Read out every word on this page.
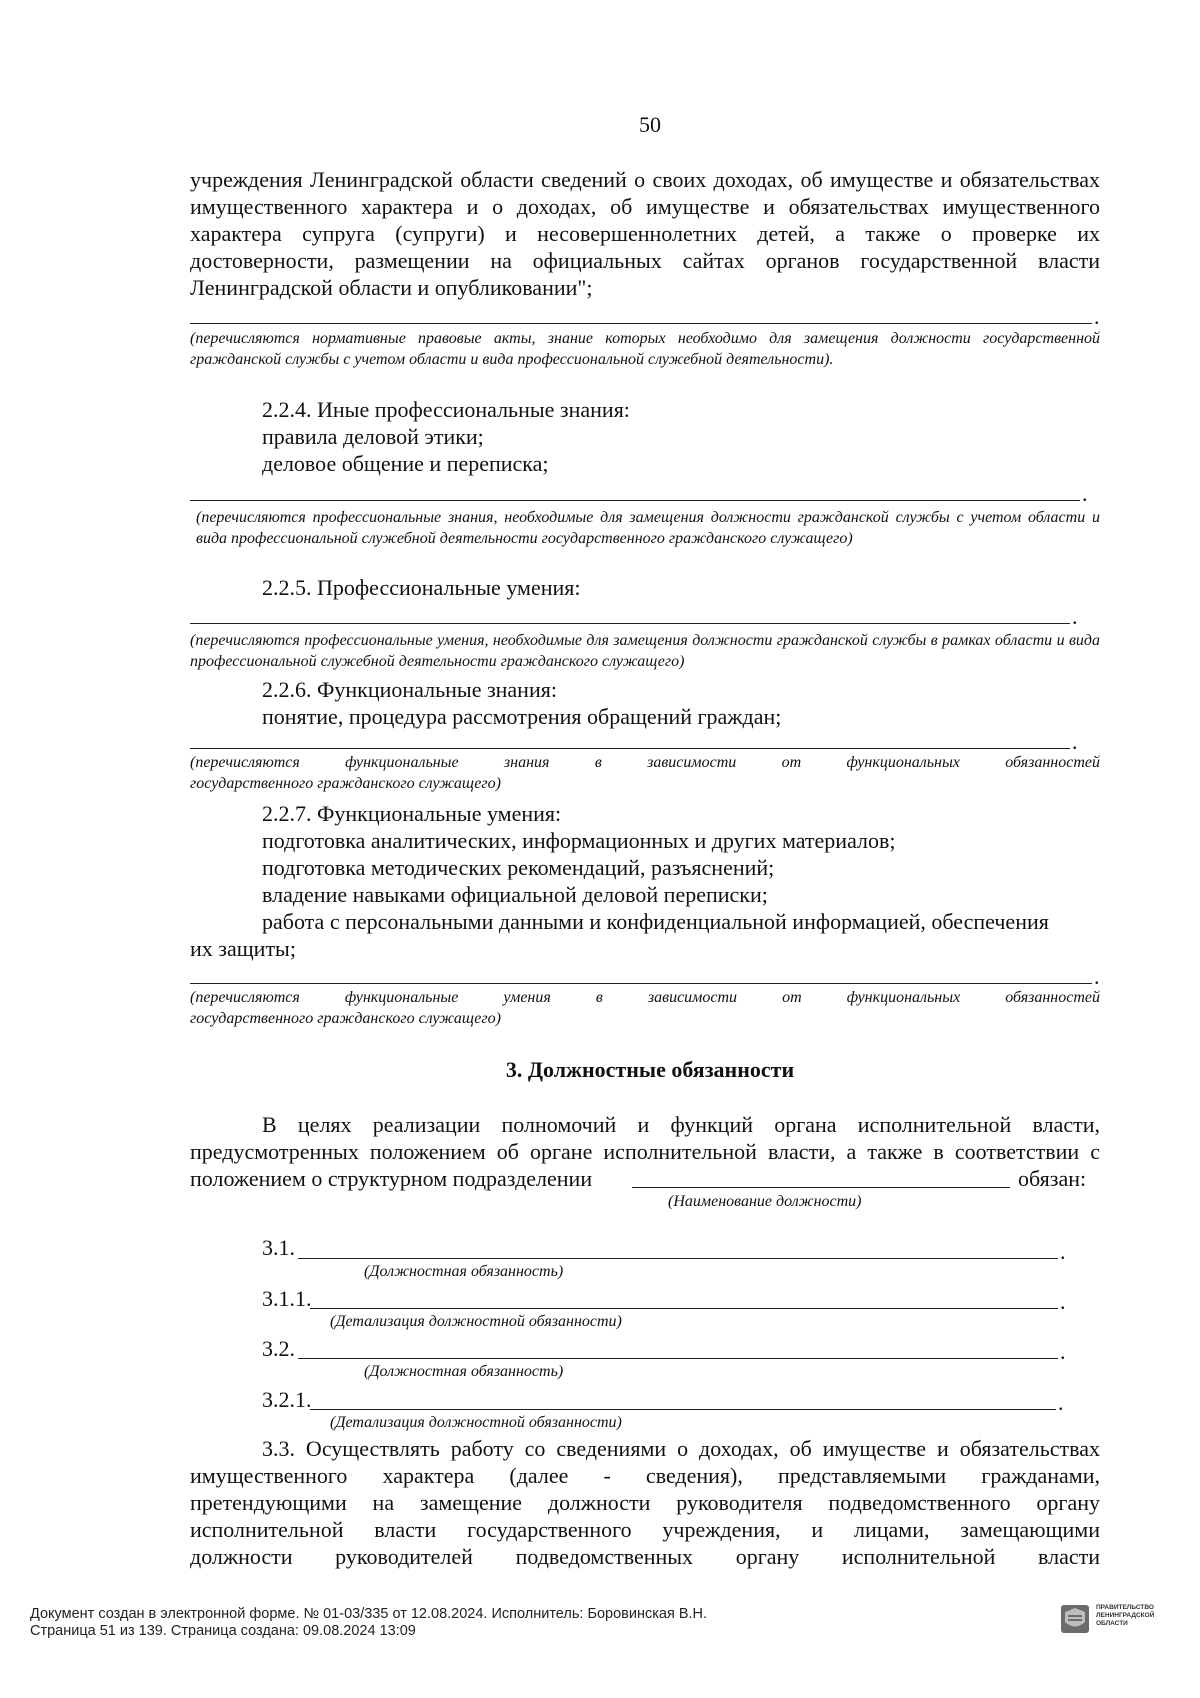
50
учреждения Ленинградской области сведений о своих доходах, об имуществе и обязательствах имущественного характера и о доходах, об имуществе и обязательствах имущественного характера супруга (супруги) и несовершеннолетних детей, а также о проверке их достоверности, размещении на официальных сайтах органов государственной власти Ленинградской области и опубликовании";
.
(перечисляются нормативные правовые акты, знание которых необходимо для замещения должности государственной гражданской службы с учетом области и вида профессиональной служебной деятельности).
2.2.4. Иные профессиональные знания:
правила деловой этики;
деловое общение и переписка;
.
(перечисляются профессиональные знания, необходимые для замещения должности гражданской службы с учетом области и вида профессиональной служебной деятельности государственного гражданского служащего)
2.2.5. Профессиональные умения:
.
(перечисляются профессиональные умения, необходимые для замещения должности гражданской службы в рамках области и вида профессиональной служебной деятельности гражданского служащего)
2.2.6. Функциональные знания:
понятие, процедура рассмотрения обращений граждан;
.
(перечисляются функциональные знания в зависимости от функциональных обязанностей
государственного гражданского служащего)
2.2.7. Функциональные умения:
подготовка аналитических, информационных и других материалов;
подготовка методических рекомендаций, разъяснений;
владение навыками официальной деловой переписки;
работа с персональными данными и конфиденциальной информацией, обеспечения
их защиты;
.
(перечисляются функциональные умения в зависимости от функциональных обязанностей
государственного гражданского служащего)
3. Должностные обязанности
В целях реализации полномочий и функций органа исполнительной власти,
предусмотренных положением об органе исполнительной власти, а также в соответствии с
положением о структурном подразделении	обязан:
(Наименование должности)
3.1.	.
(Должностная обязанность)
3.1.1.	.
(Детализация должностной обязанности)
3.2.	.
(Должностная обязанность)
3.2.1.	.
(Детализация должностной обязанности)
3.3. Осуществлять работу со сведениями о доходах, об имуществе и обязательствах
имущественного характера (далее - сведения), представляемыми гражданами,
претендующими на замещение должности руководителя подведомственного органу
исполнительной власти государственного учреждения, и лицами, замещающими
должности руководителей подведомственных органу исполнительной власти
Документ создан в электронной форме. № 01-03/335 от 12.08.2024. Исполнитель: Боровинская В.Н.
Страница 51 из 139. Страница создана: 09.08.2024 13:09
ПРАВИТЕЛЬСТВО ЛЕНИНГРАДСКОЙ ОБЛАСТИ
